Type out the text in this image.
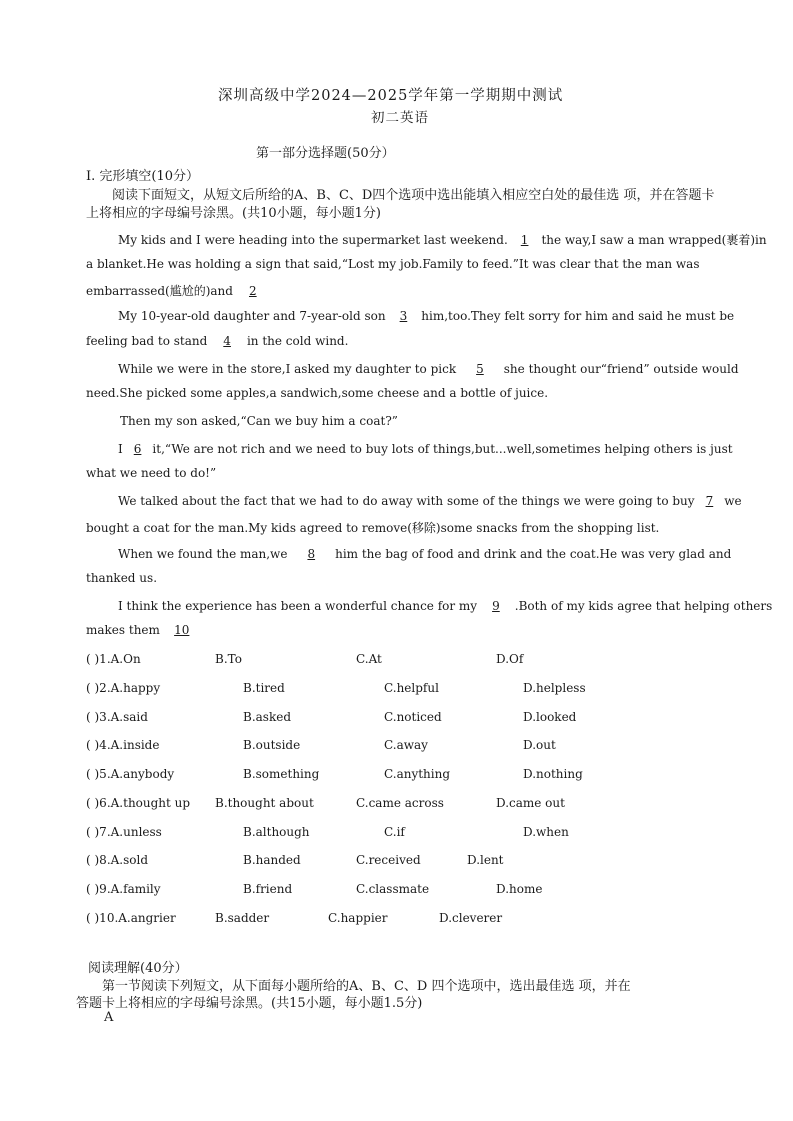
深圳高级中学2024—2025学年第一学期期中测试
初二英语
第一部分选择题(50分）
I. 完形填空(10分）
阅读下面短文，从短文后所给的A、B、C、D四个选项中选出能填入相应空白处的最佳选 项，并在答题卡
上将相应的字母编号涂黑。(共10小题，每小题1分)
My kids and I were heading into the supermarket last weekend. 1 the way,I saw a man wrapped(裹着)in
a blanket.He was holding a sign that said,“Lost my job.Family to feed.”It was clear that the man was
embarrassed(尴尬的)and 2
My 10-year-old daughter and 7-year-old son 3 him,too.They felt sorry for him and said he must be
feeling bad to stand 4 in the cold wind.
While we were in the store,I asked my daughter to pick 5 she thought our“friend” outside would
need.She picked some apples,a sandwich,some cheese and a bottle of juice.
Then my son asked,“Can we buy him a coat?”
I 6 it,“We are not rich and we need to buy lots of things,but...well,sometimes helping others is just
what we need to do!”
We talked about the fact that we had to do away with some of the things we were going to buy 7 we
bought a coat for the man.My kids agreed to remove(移除)some snacks from the shopping list.
When we found the man,we 8 him the bag of food and drink and the coat.He was very glad and
thanked us.
I think the experience has been a wonderful chance for my 9 .Both of my kids agree that helping others
makes them 10
( )1.A.On	B.To	C.At	D.Of
( )2.A.happy	B.tired	C.helpful	D.helpless
( )3.A.said	B.asked	C.noticed	D.looked
( )4.A.inside	B.outside	C.away	D.out
( )5.A.anybody	B.something	C.anything	D.nothing
( )6.A.thought up B.thought about	C.came across	D.came out
( )7.A.unless	B.although	C.if	D.when
( )8.A.sold	B.handed	C.received	D.lent
( )9.A.family	B.friend	C.classmate	D.home
( )10.A.angrier	B.sadder	C.happier	D.cleverer
阅读理解(40分）
第一节阅读下列短文，从下面每小题所给的A、B、C、D 四个选项中，选出最佳选 项，并在
答题卡上将相应的字母编号涂黑。(共15小题，每小题1.5分)
A
